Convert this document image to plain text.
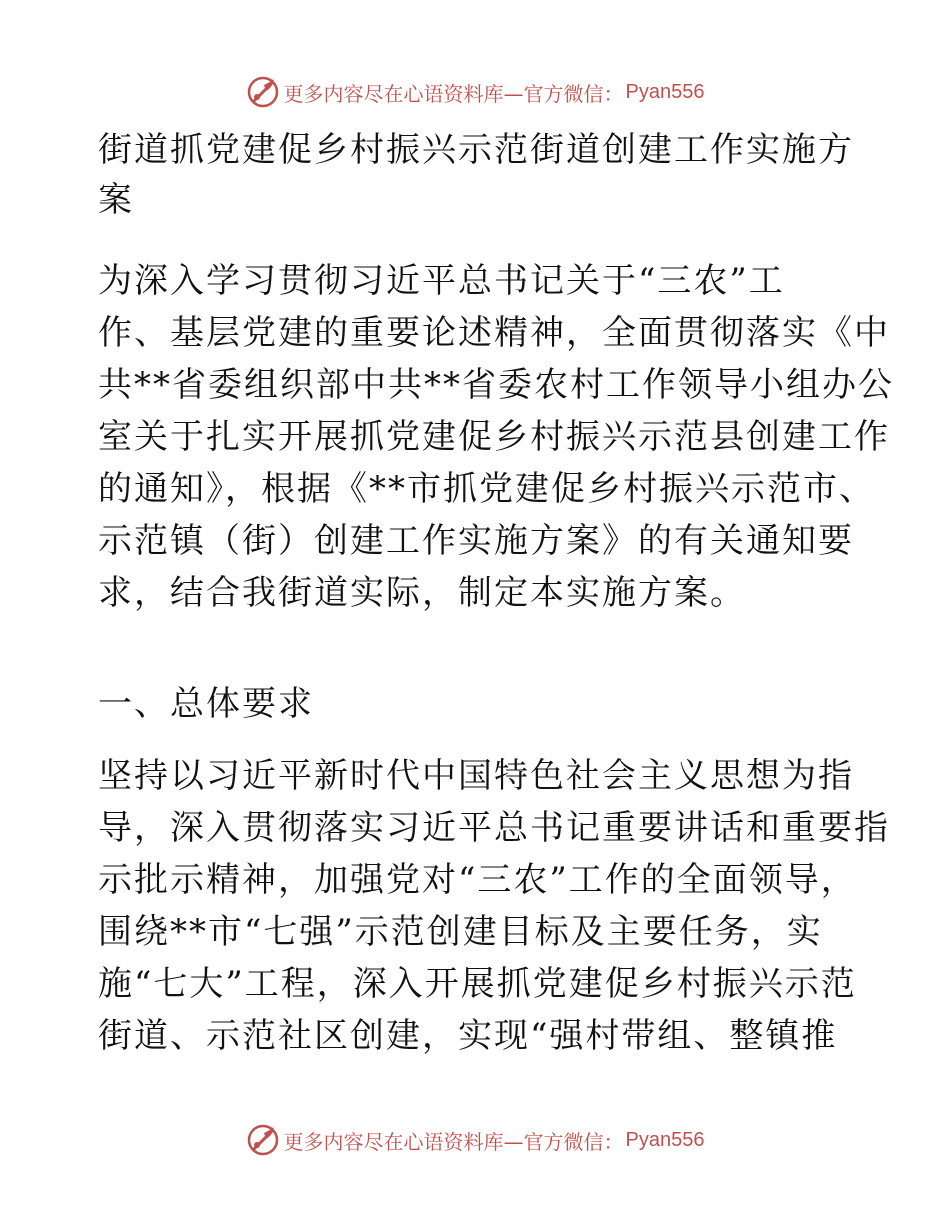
更多内容尽在心语资料库—官方微信： Pyan556
街道抓党建促乡村振兴示范街道创建工作实施方
案
为深入学习贯彻习近平总书记关于“三农”工
作、基层党建的重要论述精神，全面贯彻落实《中
共**省委组织部中共**省委农村工作领导小组办公
室关于扎实开展抓党建促乡村振兴示范县创建工作
的通知》，根据《**市抓党建促乡村振兴示范市、
示范镇（街）创建工作实施方案》的有关通知要
求，结合我街道实际，制定本实施方案。
一、总体要求
坚持以习近平新时代中国特色社会主义思想为指
导，深入贯彻落实习近平总书记重要讲话和重要指
示批示精神，加强党对“三农”工作的全面领导，
围绕**市“七强”示范创建目标及主要任务，实
施“七大”工程，深入开展抓党建促乡村振兴示范
街道、示范社区创建，实现“强村带组、整镇推
更多内容尽在心语资料库—官方微信： Pyan556
